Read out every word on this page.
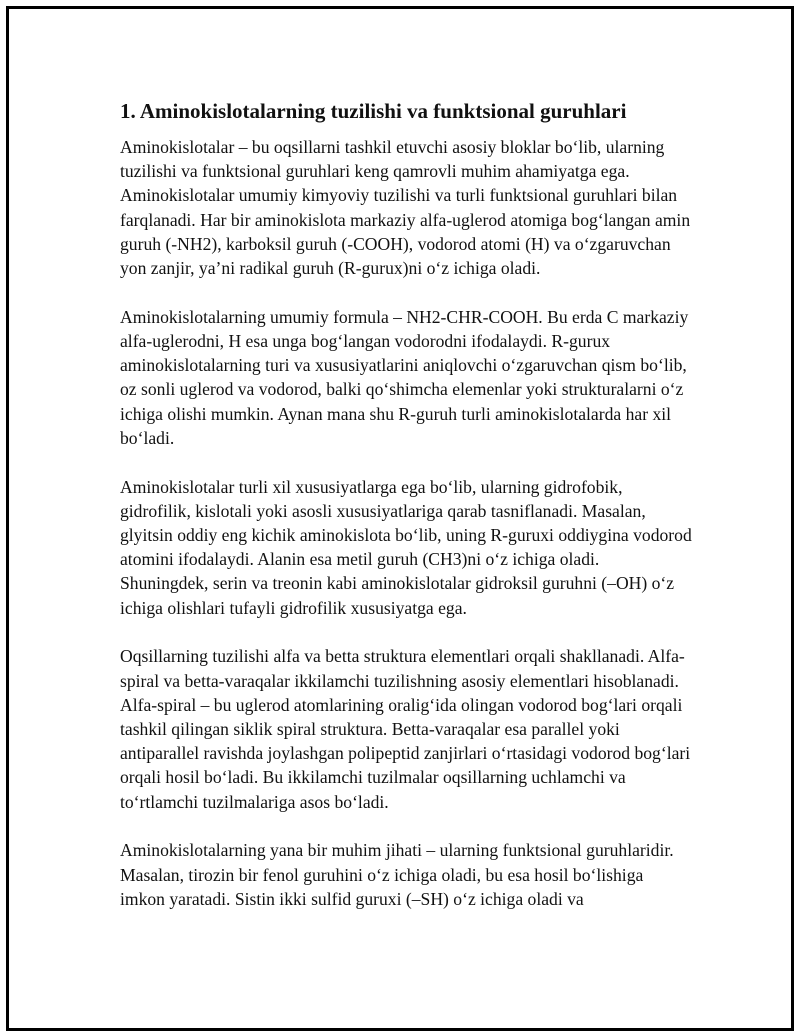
1. Aminokislotalarning tuzilishi va funktsional guruhlari

Aminokislotalar – bu oqsillarni tashkil etuvchi asosiy bloklar bo‘lib, ularning tuzilishi va funktsional guruhlari keng qamrovli muhim ahamiyatga ega. Aminokislotalar umumiy kimyoviy tuzilishi va turli funktsional guruhlari bilan farqlanadi. Har bir aminokislota markaziy alfa-uglerod atomiga bog‘langan amin guruh (-NH2), karboksil guruh (-COOH), vodorod atomi (H) va o‘zgaruvchan yon zanjir, ya’ni radikal guruh (R-gurux)ni o‘z ichiga oladi.

Aminokislotalarning umumiy formula – NH2-CHR-COOH. Bu erda C markaziy alfa-uglerodni, H esa unga bog‘langan vodorodni ifodalaydi. R-gurux aminokislotalarning turi va xususiyatlarini aniqlovchi o‘zgaruvchan qism bo‘lib, oz sonli uglerod va vodorod, balki qo‘shimcha elemenlar yoki strukturalarni o‘z ichiga olishi mumkin. Aynan mana shu R-guruh turli aminokislotalarda har xil bo‘ladi.

Aminokislotalar turli xil xususiyatlarga ega bo‘lib, ularning gidrofobik, gidrofilik, kislotali yoki asosli xususiyatlariga qarab tasniflanadi. Masalan, glyitsin oddiy eng kichik aminokislota bo‘lib, uning R-guruxi oddiygina vodorod atomini ifodalaydi. Alanin esa metil guruh (CH3)ni o‘z ichiga oladi. Shuningdek, serin va treonin kabi aminokislotalar gidroksil guruhni (–OH) o‘z ichiga olishlari tufayli gidrofilik xususiyatga ega.

Oqsillarning tuzilishi alfa va betta struktura elementlari orqali shakllanadi. Alfa-spiral va betta-varaqalar ikkilamchi tuzilishning asosiy elementlari hisoblanadi. Alfa-spiral – bu uglerod atomlarining oralig‘ida olingan vodorod bog‘lari orqali tashkil qilingan siklik spiral struktura. Betta-varaqalar esa parallel yoki antiparallel ravishda joylashgan polipeptid zanjirlari o‘rtasidagi vodorod bog‘lari orqali hosil bo‘ladi. Bu ikkilamchi tuzilmalar oqsillarning uchlamchi va to‘rtlamchi tuzilmalariga asos bo‘ladi.

Aminokislotalarning yana bir muhim jihati – ularning funktsional guruhlaridir. Masalan, tirozin bir fenol guruhini o‘z ichiga oladi, bu esa hosil bo‘lishiga imkon yaratadi. Sistin ikki sulfid guruxi (–SH) o‘z ichiga oladi va
